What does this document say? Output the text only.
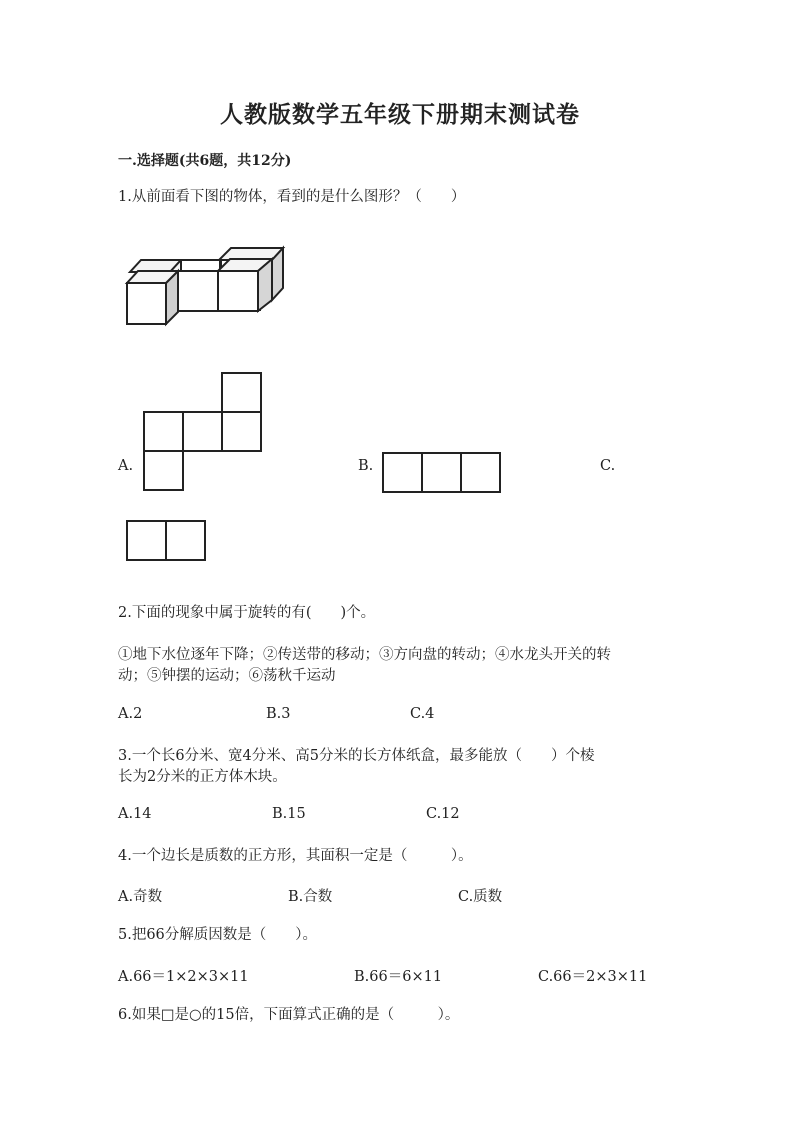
人教版数学五年级下册期末测试卷
一.选择题(共6题，共12分)
1.从前面看下图的物体，看到的是什么图形？（　　）
A.	B.	C.
2.下面的现象中属于旋转的有(　　)个。
①地下水位逐年下降；②传送带的移动；③方向盘的转动；④水龙头开关的转
动；⑤钟摆的运动；⑥荡秋千运动
A.2	B.3	C.4
3.一个长6分米、宽4分米、高5分米的长方体纸盒，最多能放（　　）个棱
长为2分米的正方体木块。
A.14	B.15	C.12
4.一个边长是质数的正方形，其面积一定是（　　　）。
A.奇数	B.合数	C.质数
5.把66分解质因数是（　　）。
A.66＝1×2×3×11	B.66＝6×11	C.66＝2×3×11
6.如果□是○的15倍，下面算式正确的是（　　　）。
